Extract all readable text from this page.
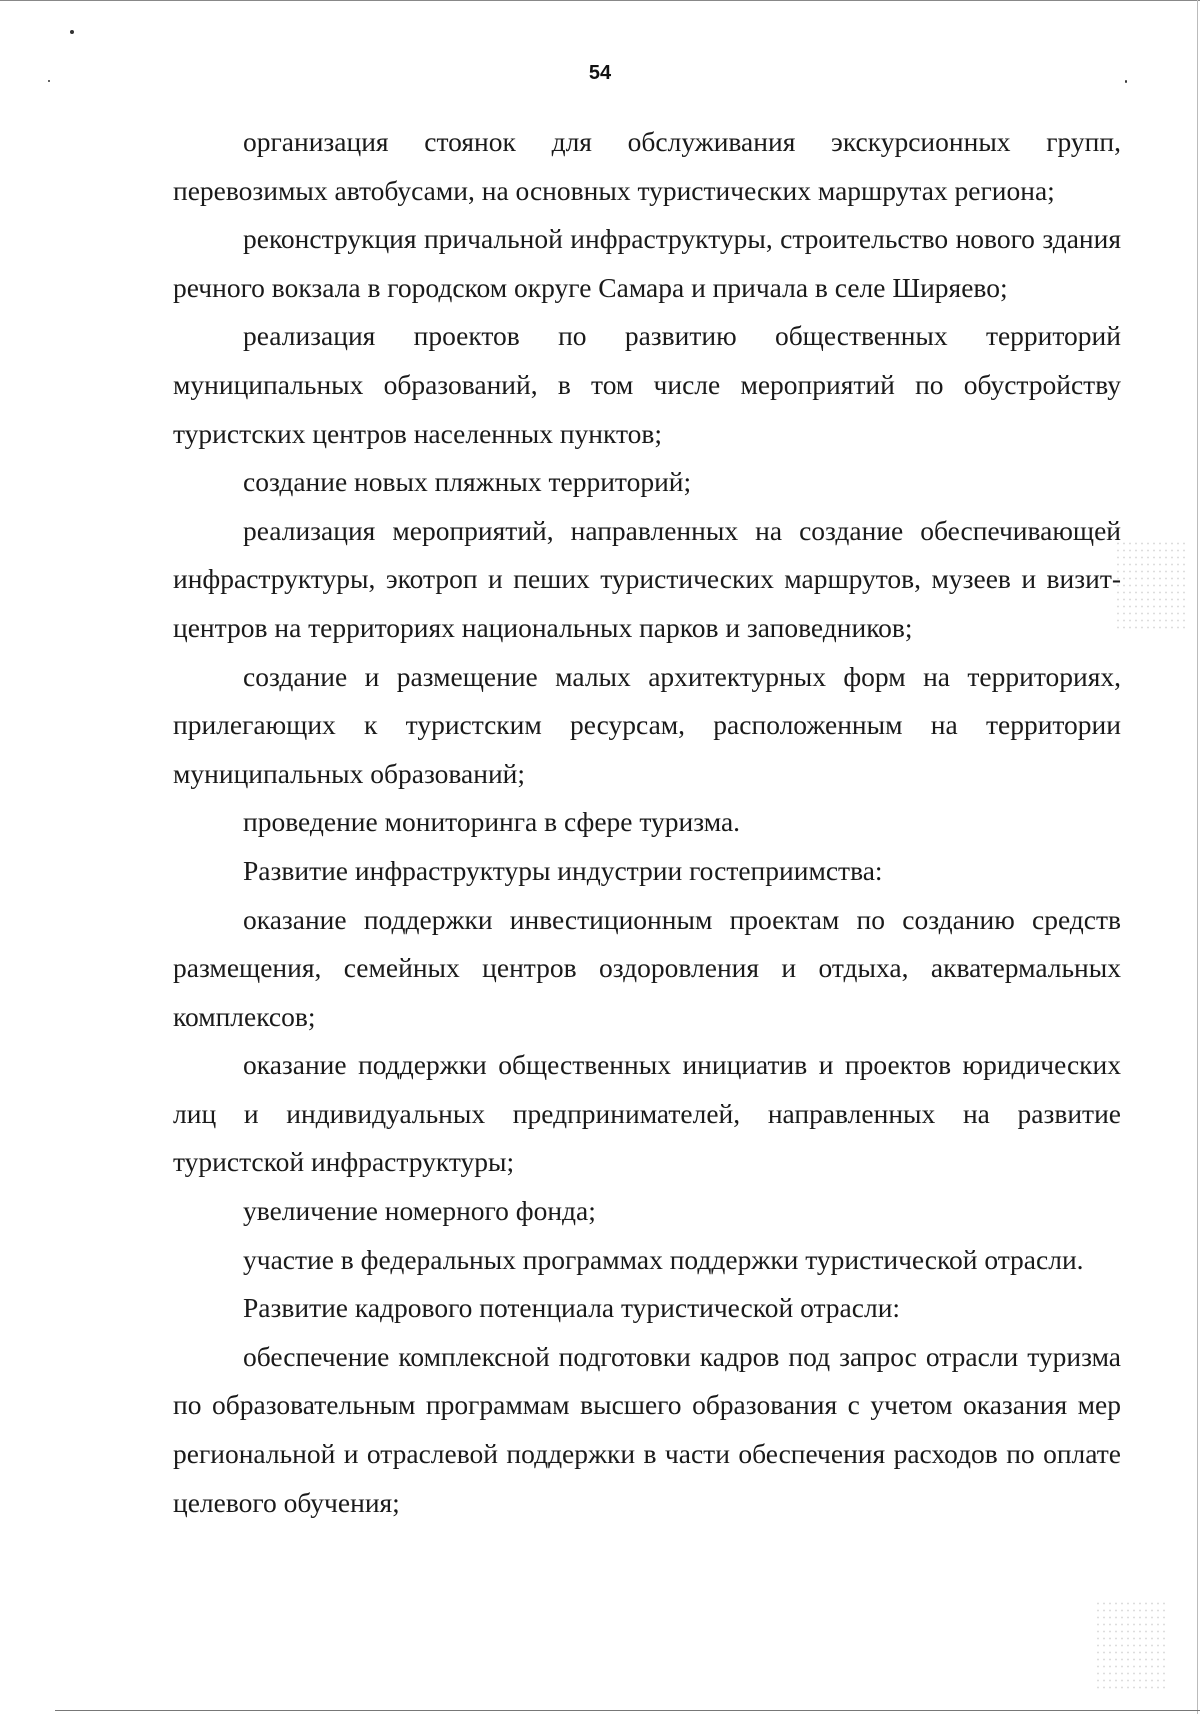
54

организация стоянок для обслуживания экскурсионных групп, перевозимых автобусами, на основных туристических маршрутах региона;

реконструкция причальной инфраструктуры, строительство нового здания речного вокзала в городском округе Самара и причала в селе Ширяево;

реализация проектов по развитию общественных территорий муниципальных образований, в том числе мероприятий по обустройству туристских центров населенных пунктов;

создание новых пляжных территорий;

реализация мероприятий, направленных на создание обеспечивающей инфраструктуры, экотроп и пеших туристических маршрутов, музеев и визит-центров на территориях национальных парков и заповедников;

создание и размещение малых архитектурных форм на территориях, прилегающих к туристским ресурсам, расположенным на территории муниципальных образований;

проведение мониторинга в сфере туризма.

Развитие инфраструктуры индустрии гостеприимства:

оказание поддержки инвестиционным проектам по созданию средств размещения, семейных центров оздоровления и отдыха, акватермальных комплексов;

оказание поддержки общественных инициатив и проектов юридических лиц и индивидуальных предпринимателей, направленных на развитие туристской инфраструктуры;

увеличение номерного фонда;

участие в федеральных программах поддержки туристической отрасли.

Развитие кадрового потенциала туристической отрасли:

обеспечение комплексной подготовки кадров под запрос отрасли туризма по образовательным программам высшего образования с учетом оказания мер региональной и отраслевой поддержки в части обеспечения расходов по оплате целевого обучения;
